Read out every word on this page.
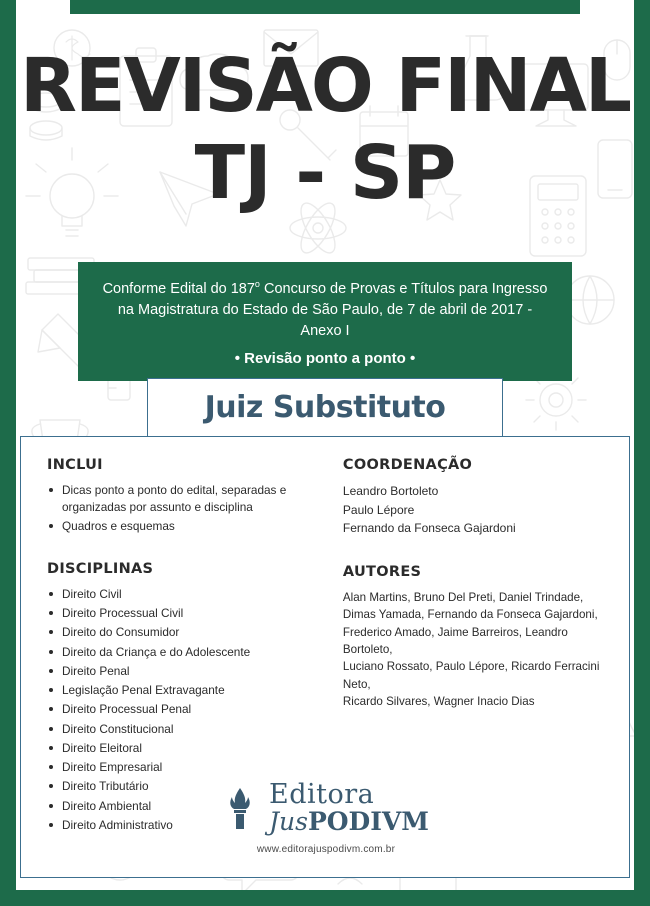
REVISÃO FINAL
TJ - SP
Conforme Edital do 187$^o$ Concurso de Provas e Títulos para Ingresso
na Magistratura do Estado de São Paulo, de 7 de abril de 2017 - Anexo I
• Revisão ponto a ponto •
Juiz Substituto
INCLUI
Dicas ponto a ponto do edital, separadas e organizadas por assunto e disciplina
Quadros e esquemas
DISCIPLINAS
Direito Civil
Direito Processual Civil
Direito do Consumidor
Direito da Criança e do Adolescente
Direito Penal
Legislação Penal Extravagante
Direito Processual Penal
Direito Constitucional
Direito Eleitoral
Direito Empresarial
Direito Tributário
Direito Ambiental
Direito Administrativo
COORDENAÇÃO
Leandro Bortoleto
Paulo Lépore
Fernando da Fonseca Gajardoni
AUTORES
Alan Martins, Bruno Del Preti, Daniel Trindade,
Dimas Yamada, Fernando da Fonseca Gajardoni,
Frederico Amado, Jaime Barreiros, Leandro Bortoleto,
Luciano Rossato, Paulo Lépore, Ricardo Ferracini Neto,
Ricardo Silvares, Wagner Inacio Dias
Editora
JusPODIVM
www.editorajuspodivm.com.br
